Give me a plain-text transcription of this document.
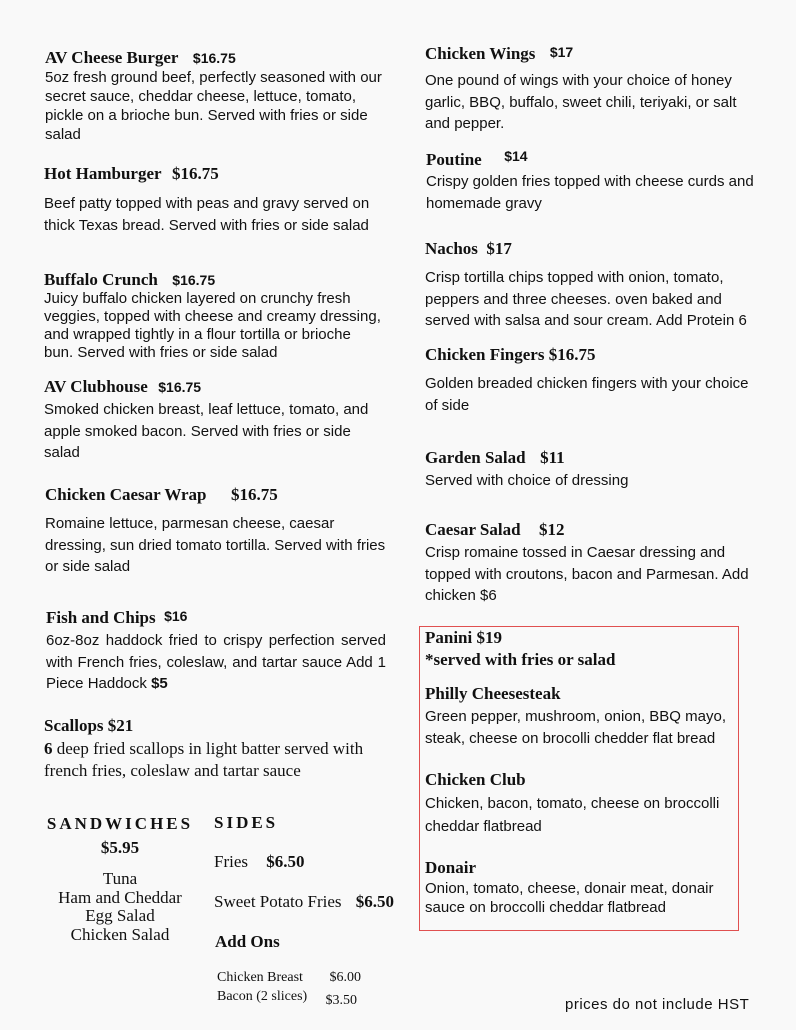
AV Cheese Burger $16.75

5oz fresh ground beef, perfectly seasoned with our secret sauce, cheddar cheese, lettuce, tomato, pickle on a brioche bun. Served with fries or side salad

Hot Hamburger $16.75

Beef patty topped with peas and gravy served on thick Texas bread. Served with fries or side salad

Buffalo Crunch $16.75

Juicy buffalo chicken layered on crunchy fresh veggies, topped with cheese and creamy dressing, and wrapped tightly in a flour tortilla or brioche bun. Served with fries or side salad

AV Clubhouse $16.75

Smoked chicken breast, leaf lettuce, tomato, and apple smoked bacon. Served with fries or side salad

Chicken Caesar Wrap $16.75

Romaine lettuce, parmesan cheese, caesar dressing, sun dried tomato tortilla. Served with fries or side salad

Fish and Chips $16

6oz-8oz haddock fried to crispy perfection served with French fries, coleslaw, and tartar sauce Add 1 Piece Haddock $5

Scallops $21

6 deep fried scallops in light batter served with french fries, coleslaw and tartar sauce

SANDWICHES
$5.95
Tuna
Ham and Cheddar
Egg Salad
Chicken Salad
SIDES
Fries $6.50
Sweet Potato Fries $6.50
Add Ons
Chicken Breast $6.00
Bacon (2 slices) $3.50
Chicken Wings $17

One pound of wings with your choice of honey garlic, BBQ, buffalo, sweet chili, teriyaki, or salt and pepper.

Poutine $14

Crispy golden fries topped with cheese curds and homemade gravy

Nachos $17

Crisp tortilla chips topped with onion, tomato, peppers and three cheeses. oven baked and served with salsa and sour cream. Add Protein 6

Chicken Fingers $16.75

Golden breaded chicken fingers with your choice of side

Garden Salad $11

Served with choice of dressing

Caesar Salad $12

Crisp romaine tossed in Caesar dressing and topped with croutons, bacon and Parmesan. Add chicken $6

Panini $19
*served with fries or salad
Philly Cheesesteak

Green pepper, mushroom, onion, BBQ mayo, steak, cheese on brocolli chedder flat bread

Chicken Club

Chicken, bacon, tomato, cheese on broccolli cheddar flatbread

Donair

Onion, tomato, cheese, donair meat, donair sauce on broccolli cheddar flatbread

prices do not include HST
